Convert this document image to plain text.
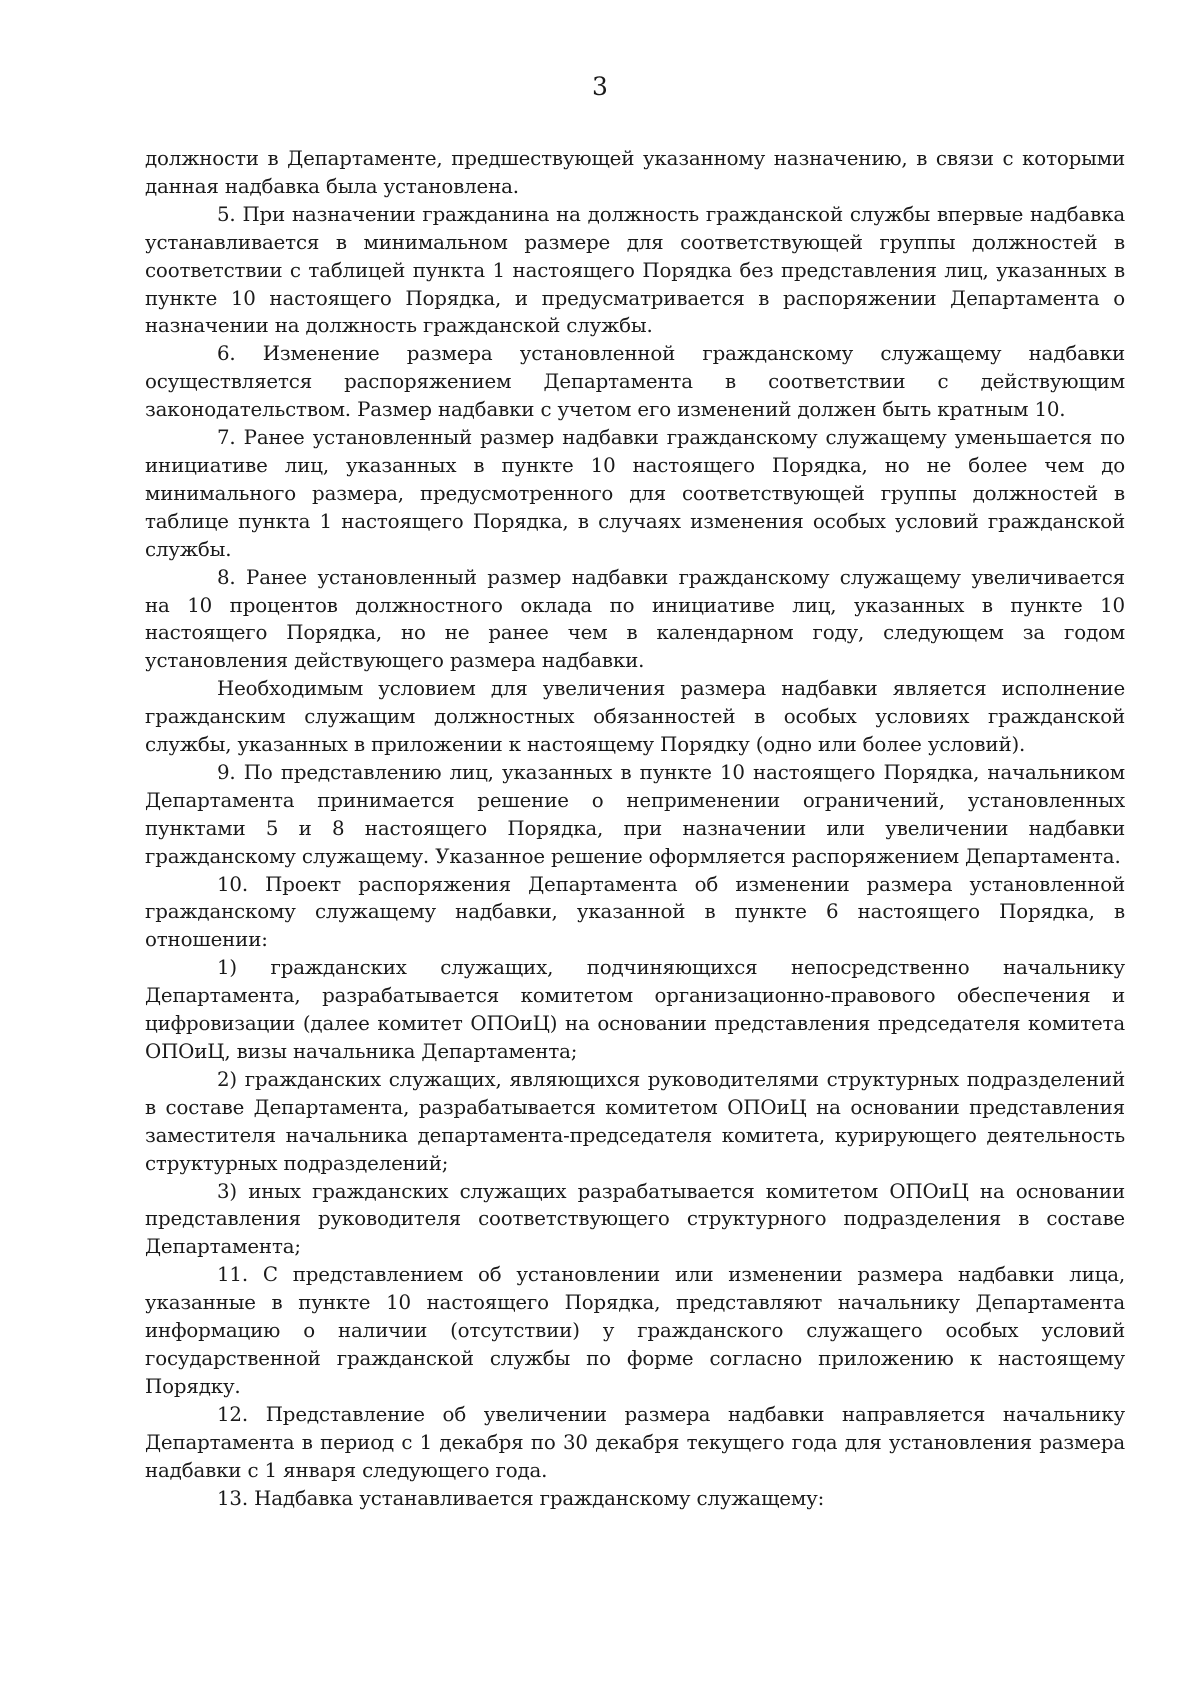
3

должности в Департаменте, предшествующей указанному назначению, в связи с которыми данная надбавка была установлена.

5. При назначении гражданина на должность гражданской службы впервые надбавка устанавливается в минимальном размере для соответствующей группы должностей в соответствии с таблицей пункта 1 настоящего Порядка без представления лиц, указанных в пункте 10 настоящего Порядка, и предусматривается в распоряжении Департамента о назначении на должность гражданской службы.

6. Изменение размера установленной гражданскому служащему надбавки осуществляется распоряжением Департамента в соответствии с действующим законодательством. Размер надбавки с учетом его изменений должен быть кратным 10.

7. Ранее установленный размер надбавки гражданскому служащему уменьшается по инициативе лиц, указанных в пункте 10 настоящего Порядка, но не более чем до минимального размера, предусмотренного для соответствующей группы должностей в таблице пункта 1 настоящего Порядка, в случаях изменения особых условий гражданской службы.

8. Ранее установленный размер надбавки гражданскому служащему увеличивается на 10 процентов должностного оклада по инициативе лиц, указанных в пункте 10 настоящего Порядка, но не ранее чем в календарном году, следующем за годом установления действующего размера надбавки.

Необходимым условием для увеличения размера надбавки является исполнение гражданским служащим должностных обязанностей в особых условиях гражданской службы, указанных в приложении к настоящему Порядку (одно или более условий).

9. По представлению лиц, указанных в пункте 10 настоящего Порядка, начальником Департамента принимается решение о неприменении ограничений, установленных пунктами 5 и 8 настоящего Порядка, при назначении или увеличении надбавки гражданскому служащему. Указанное решение оформляется распоряжением Департамента.

10. Проект распоряжения Департамента об изменении размера установленной гражданскому служащему надбавки, указанной в пункте 6 настоящего Порядка, в отношении:

1) гражданских служащих, подчиняющихся непосредственно начальнику Департамента, разрабатывается комитетом организационно-правового обеспечения и цифровизации (далее комитет ОПОиЦ) на основании представления председателя комитета ОПОиЦ, визы начальника Департамента;

2) гражданских служащих, являющихся руководителями структурных подразделений в составе Департамента, разрабатывается комитетом ОПОиЦ на основании представления заместителя начальника департамента-председателя комитета, курирующего деятельность структурных подразделений;

3) иных гражданских служащих разрабатывается комитетом ОПОиЦ на основании представления руководителя соответствующего структурного подразделения в составе Департамента;

11. С представлением об установлении или изменении размера надбавки лица, указанные в пункте 10 настоящего Порядка, представляют начальнику Департамента информацию о наличии (отсутствии) у гражданского служащего особых условий государственной гражданской службы по форме согласно приложению к настоящему Порядку.

12. Представление об увеличении размера надбавки направляется начальнику Департамента в период с 1 декабря по 30 декабря текущего года для установления размера надбавки с 1 января следующего года.

13. Надбавка устанавливается гражданскому служащему:
